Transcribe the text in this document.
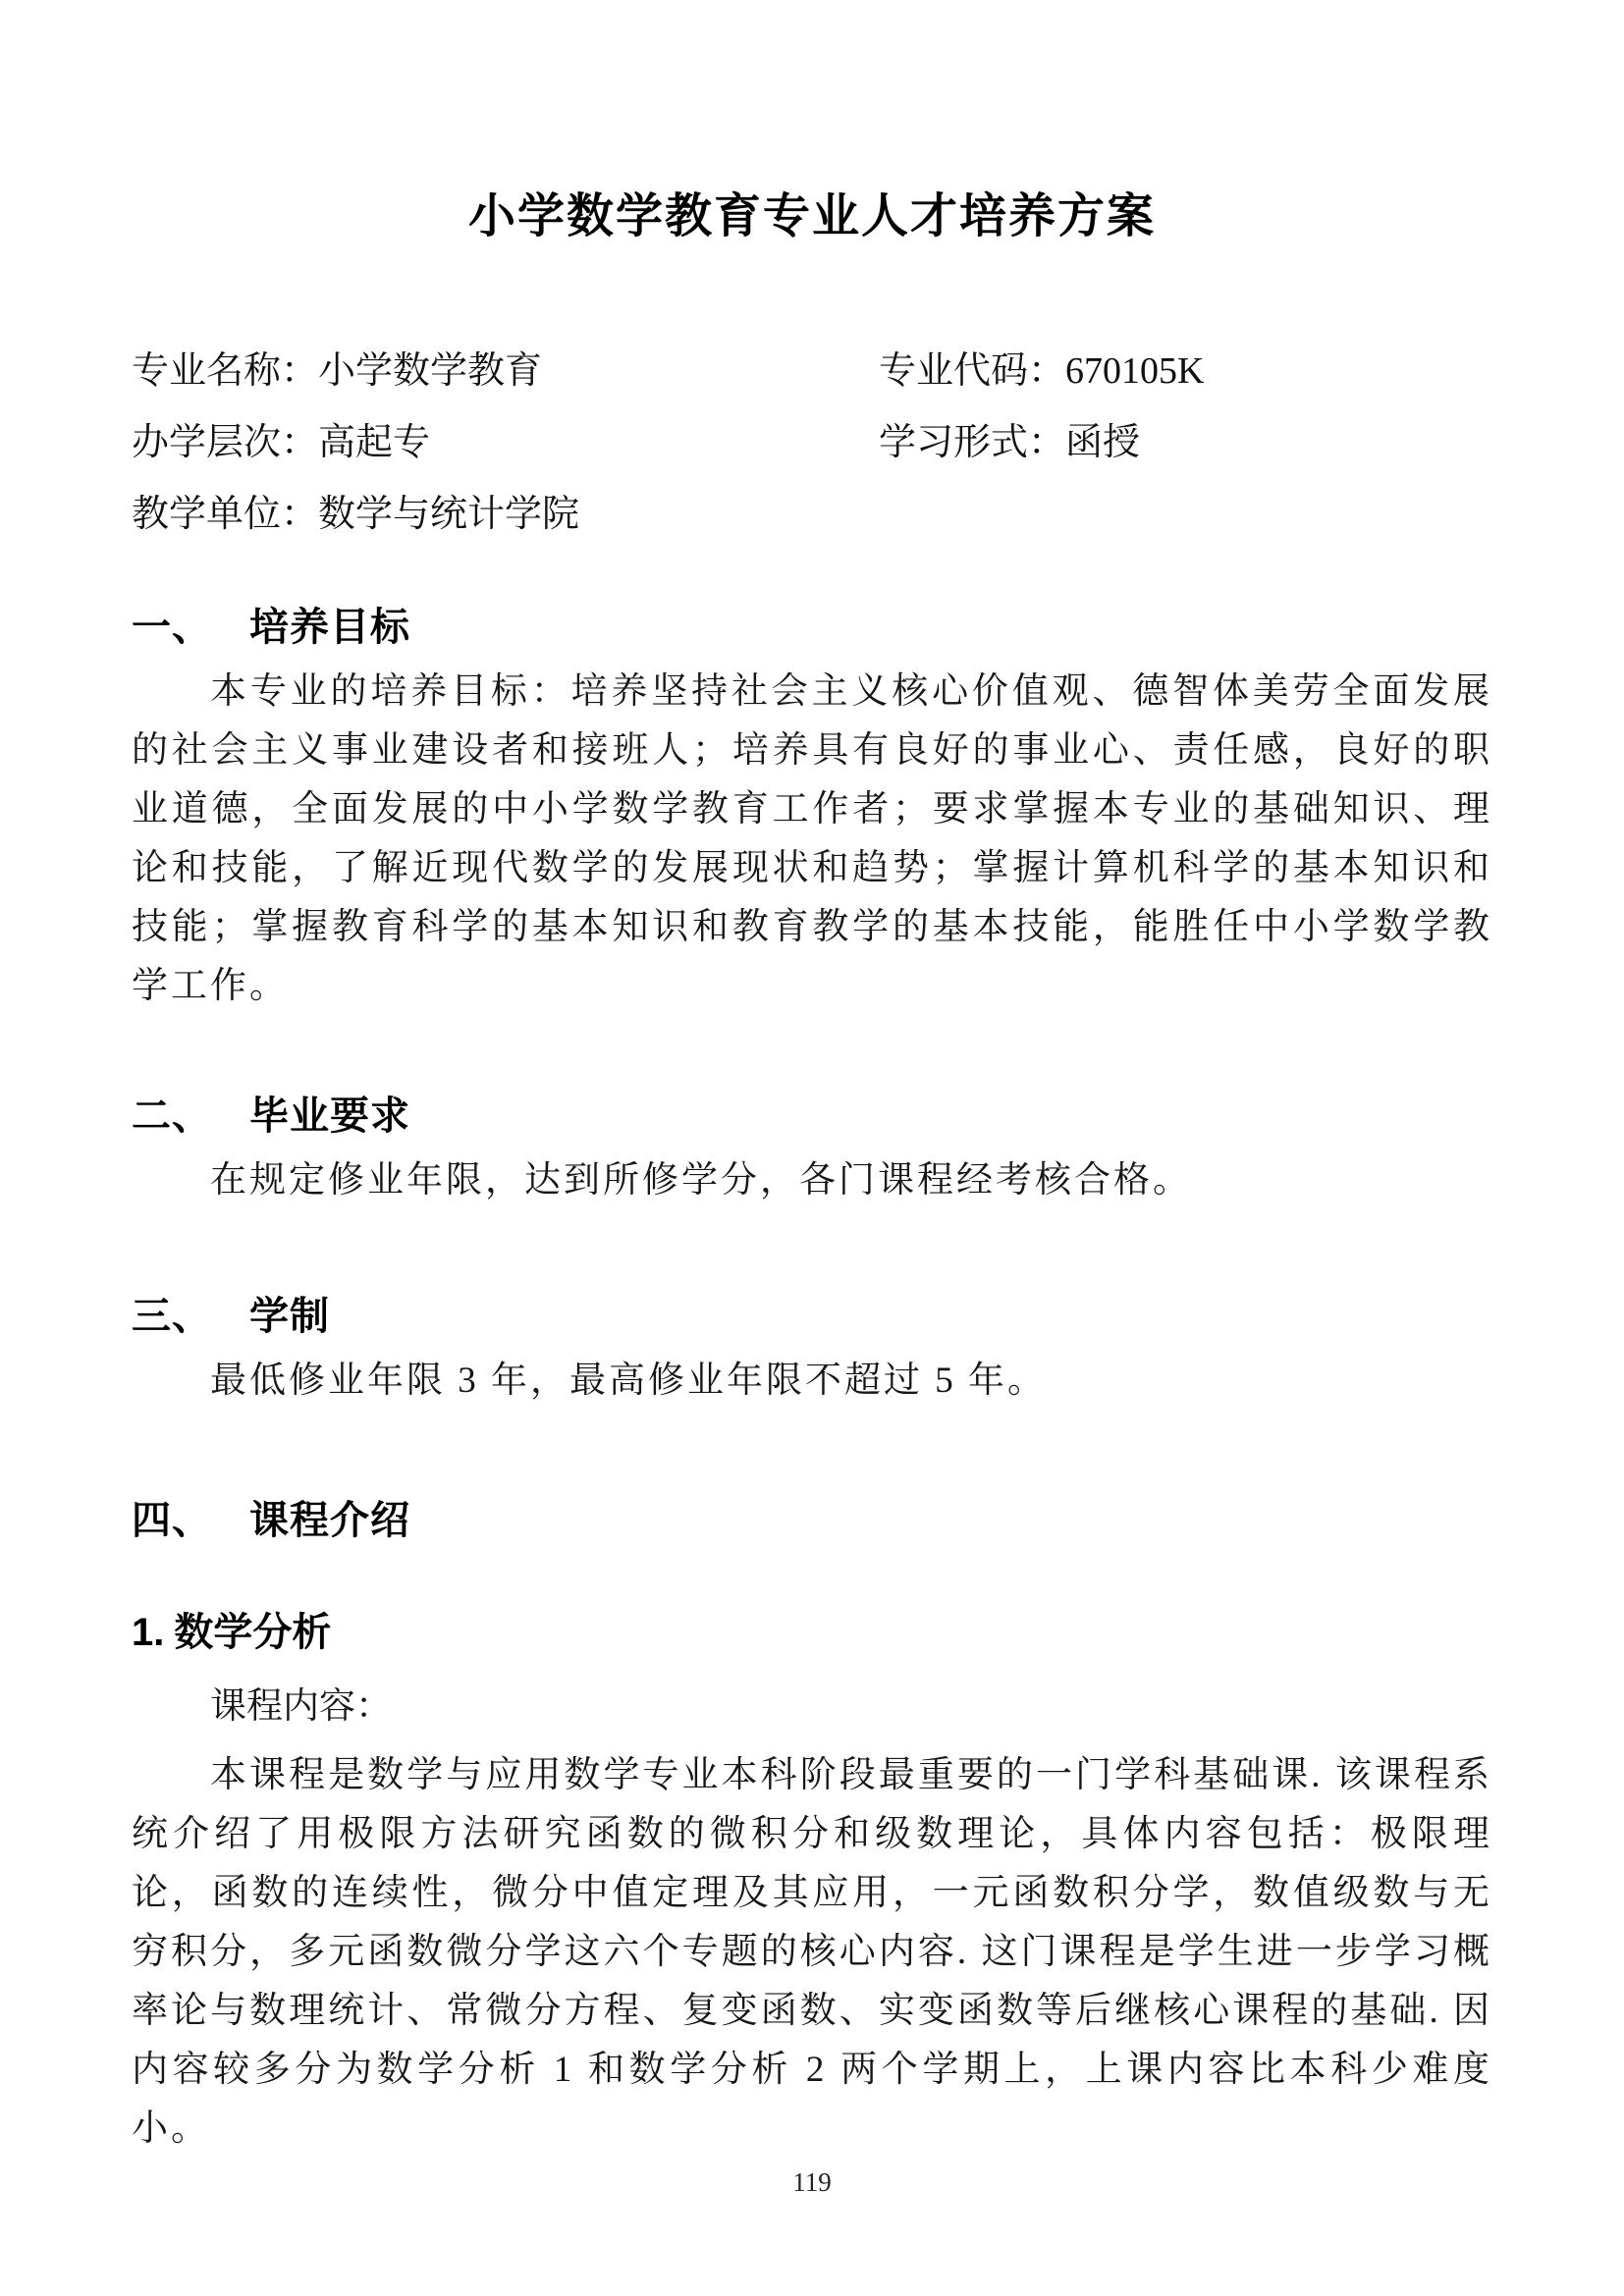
小学数学教育专业人才培养方案
专业名称：小学数学教育	专业代码：670105K
办学层次：高起专	学习形式：函授
教学单位：数学与统计学院
一、 培养目标

本专业的培养目标：培养坚持社会主义核心价值观、德智体美劳全面发展的社会主义事业建设者和接班人；培养具有良好的事业心、责任感，良好的职业道德，全面发展的中小学数学教育工作者；要求掌握本专业的基础知识、理论和技能，了解近现代数学的发展现状和趋势；掌握计算机科学的基本知识和技能；掌握教育科学的基本知识和教育教学的基本技能，能胜任中小学数学教学工作。

二、 毕业要求

在规定修业年限，达到所修学分，各门课程经考核合格。

三、 学制

最低修业年限 3 年，最高修业年限不超过 5 年。

四、 课程介绍
1. 数学分析
课程内容：

本课程是数学与应用数学专业本科阶段最重要的一门学科基础课. 该课程系统介绍了用极限方法研究函数的微积分和级数理论，具体内容包括：极限理论，函数的连续性，微分中值定理及其应用，一元函数积分学，数值级数与无穷积分，多元函数微分学这六个专题的核心内容. 这门课程是学生进一步学习概率论与数理统计、常微分方程、复变函数、实变函数等后继核心课程的基础. 因内容较多分为数学分析 1 和数学分析 2 两个学期上，上课内容比本科少难度小。

119
